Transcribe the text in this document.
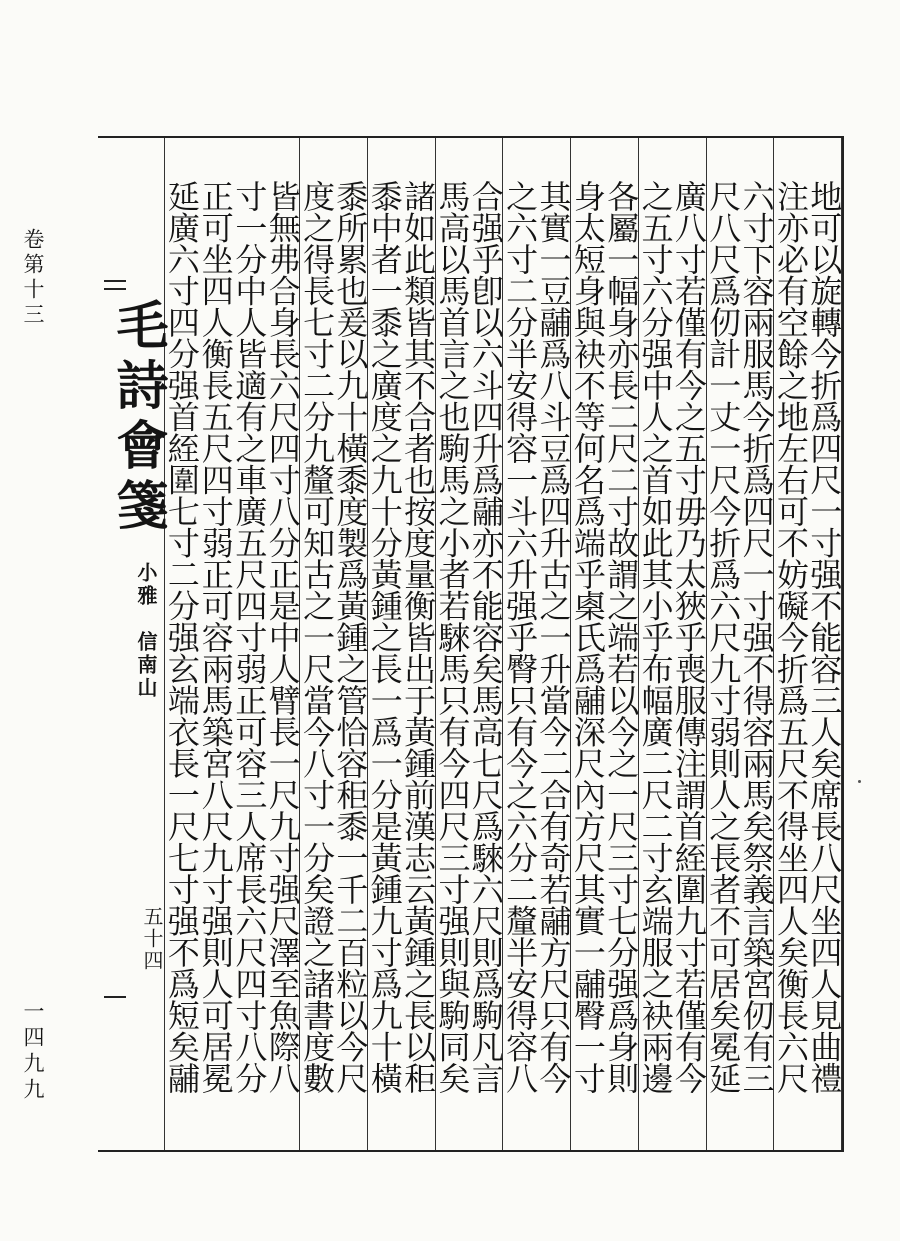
卷第十三
一四九九
毛詩會箋
小雅　信南山
五十四	地可以旋轉今折爲四尺一寸强不能容三人矣席長八尺坐四人見曲禮
注亦必有空餘之地左右可不妨礙今折爲五尺不得坐四人矣衡長六尺
六寸下容兩服馬今折爲四尺一寸强不得容兩馬矣祭義言築宮仞有三
尺八尺爲仞計一丈一尺今折爲六尺九寸弱則人之長者不可居矣冕延
廣八寸若僅有今之五寸毋乃太狹乎喪服傳注謂首絰圍九寸若僅有今
之五寸六分强中人之首如此其小乎布幅廣二尺二寸玄端服之袂兩邊
各屬一幅身亦長二尺二寸故謂之端若以今之一尺三寸七分强爲身則
身太短身與袂不等何名爲端乎㮚氏爲鬴深尺內方尺其實一鬴臀一寸
其實一豆鬴爲八斗豆爲四升古之一升當今二合有奇若鬴方尺只有今
之六寸二分半安得容一斗六升强乎臀只有今之六分二釐半安得容八
合强乎卽以六斗四升爲鬴亦不能容矣馬高七尺爲騋六尺則爲駒凡言
馬高以馬首言之也駒馬之小者若騋馬只有今四尺三寸强則與駒同矣
諸如此類皆其不合者也按度量衡皆出于黃鍾前漢志云黃鍾之長以秬
黍中者一黍之廣度之九十分黃鍾之長一爲一分是黃鍾九寸爲九十橫
黍所累也爰以九十橫黍度製爲黃鍾之管恰容秬黍一千二百粒以今尺
度之得長七寸二分九釐可知古之一尺當今八寸一分矣證之諸書度數
皆無弗合身長六尺四寸八分正是中人臂長一尺九寸强尺澤至魚際八
寸一分中人皆適有之車廣五尺四寸弱正可容三人席長六尺四寸八分
正可坐四人衡長五尺四寸弱正可容兩馬築宮八尺九寸强則人可居冕
延廣六寸四分强首絰圍七寸二分强玄端衣長一尺七寸强不爲短矣鬴
